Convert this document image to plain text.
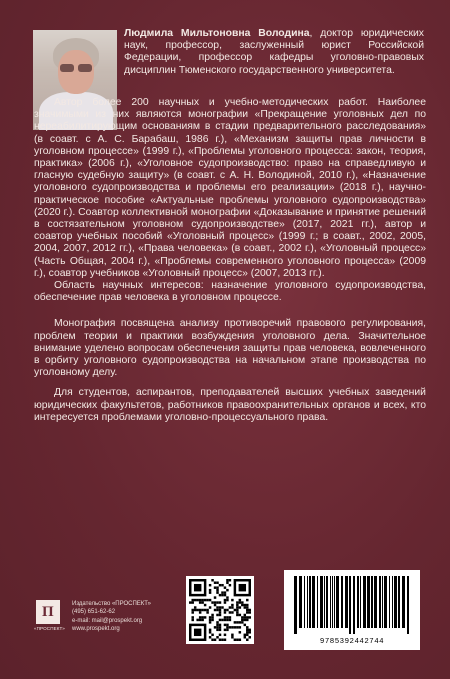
Людмила Мильтоновна Володина, доктор юридических наук, профессор, заслуженный юрист Российской Федерации, профессор кафедры уголовно-правовых дисциплин Тюменского государственного университета.

Автор более 200 научных и учебно-методических работ. Наиболее значимыми из них являются монографии «Прекращение уголовных дел по нереабилитирующим основаниям в стадии предварительного расследования» (в соавт. с А. С. Барабаш, 1986 г.), «Механизм защиты прав личности в уголовном процессе» (1999 г.), «Проблемы уголовного процесса: закон, теория, практика» (2006 г.), «Уголовное судопроизводство: право на справедливую и гласную судебную защиту» (в соавт. с А. Н. Володиной, 2010 г.), «Назначение уголовного судопроизводства и проблемы его реализации» (2018 г.), научно-практическое пособие «Актуальные проблемы уголовного судопроизводства» (2020 г.). Соавтор коллективной монографии «Доказывание и принятие решений в состязательном уголовном судопроизводстве» (2017, 2021 гг.), автор и соавтор учебных пособий «Уголовный процесс» (1999 г.; в соавт., 2002, 2005, 2004, 2007, 2012 гг.), «Права человека» (в соавт., 2002 г.), «Уголовный процесс» (Часть Общая, 2004 г.), «Проблемы современного уголовного процесса» (2009 г.), соавтор учебников «Уголовный процесс» (2007, 2013 гг.).

Область научных интересов: назначение уголовного судопроизводства, обеспечение прав человека в уголовном процессе.

Монография посвящена анализу противоречий правового регулирования, проблем теории и практики возбуждения уголовного дела. Значительное внимание уделено вопросам обеспечения защиты прав человека, вовлеченного в орбиту уголовного судопроизводства на начальном этапе производства по уголовному делу.

Для студентов, аспирантов, преподавателей высших учебных заведений юридических факультетов, работников правоохранительных органов и всех, кто интересуется проблемами уголовно-процессуального права.

П
«ПРОСПЕКТ»
Издательство «ПРОСПЕКТ»
(495) 651-62-62
e-mail: mail@prospekt.org
www.prospekt.org
9785392442744
